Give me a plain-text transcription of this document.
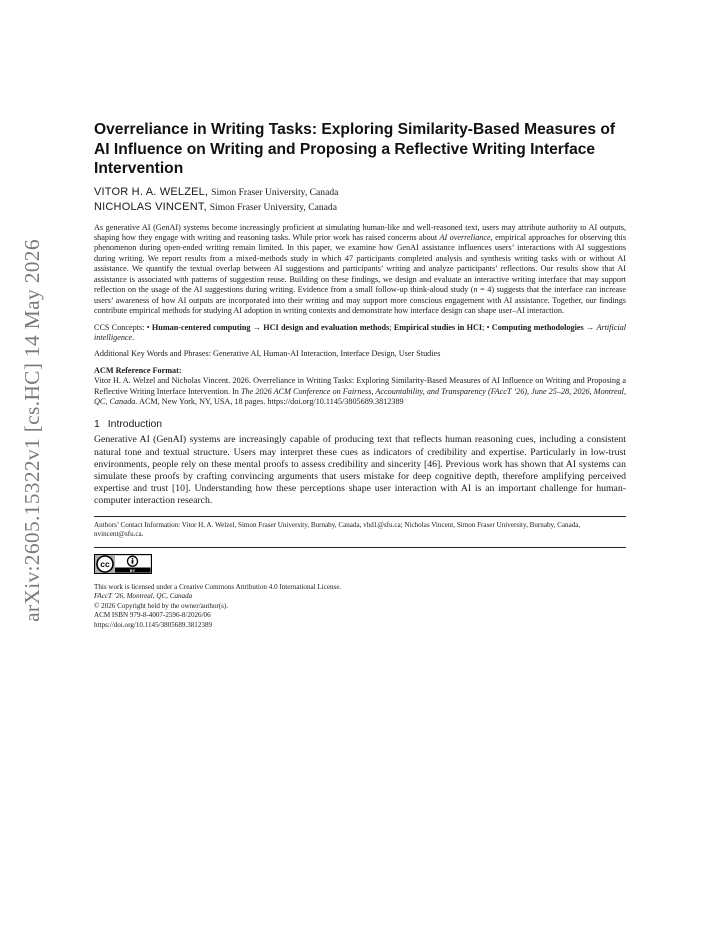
arXiv:2605.15322v1 [cs.HC] 14 May 2026
Overreliance in Writing Tasks: Exploring Similarity-Based Measures of AI Influence on Writing and Proposing a Reflective Writing Interface Intervention
VITOR H. A. WELZEL, Simon Fraser University, Canada
NICHOLAS VINCENT, Simon Fraser University, Canada
As generative AI (GenAI) systems become increasingly proficient at simulating human-like and well-reasoned text, users may attribute authority to AI outputs, shaping how they engage with writing and reasoning tasks. While prior work has raised concerns about AI overreliance, empirical approaches for observing this phenomenon during open-ended writing remain limited. In this paper, we examine how GenAI assistance influences users’ interactions with AI suggestions during writing. We report results from a mixed-methods study in which 47 participants completed analysis and synthesis writing tasks with or without AI assistance. We quantify the textual overlap between AI suggestions and participants’ writing and analyze participants’ reflections. Our results show that AI assistance is associated with patterns of suggestion reuse. Building on these findings, we design and evaluate an interactive writing interface that may support reflection on the usage of the AI suggestions during writing. Evidence from a small follow-up think-aloud study (n = 4) suggests that the interface can increase users’ awareness of how AI outputs are incorporated into their writing and may support more conscious engagement with AI assistance. Together, our findings contribute empirical methods for studying AI adoption in writing contexts and demonstrate how interface design can shape user–AI interaction.
CCS Concepts: • Human-centered computing → HCI design and evaluation methods; Empirical studies in HCI; • Computing methodologies → Artificial intelligence.
Additional Key Words and Phrases: Generative AI, Human-AI Interaction, Interface Design, User Studies
ACM Reference Format:
Vitor H. A. Welzel and Nicholas Vincent. 2026. Overreliance in Writing Tasks: Exploring Similarity-Based Measures of AI Influence on Writing and Proposing a Reflective Writing Interface Intervention. In The 2026 ACM Conference on Fairness, Accountability, and Transparency (FAccT ’26), June 25–28, 2026, Montreal, QC, Canada. ACM, New York, NY, USA, 18 pages. https://doi.org/10.1145/3805689.3812389
1 Introduction
Generative AI (GenAI) systems are increasingly capable of producing text that reflects human reasoning cues, including a consistent natural tone and textual structure. Users may interpret these cues as indicators of credibility and expertise. Particularly in low-trust environments, people rely on these mental proofs to assess credibility and sincerity [46]. Previous work has shown that AI systems can simulate these proofs by crafting convincing arguments that users mistake for deep cognitive depth, therefore amplifying perceived expertise and trust [10]. Understanding how these perceptions shape user interaction with AI is an important challenge for human-computer interaction research.
Authors’ Contact Information: Vitor H. A. Welzel, Simon Fraser University, Burnaby, Canada, vhd1@sfu.ca; Nicholas Vincent, Simon Fraser University, Burnaby, Canada, nvincent@sfu.ca.
cc
BY
This work is licensed under a Creative Commons Attribution 4.0 International License.
FAccT ’26, Montreal, QC, Canada
© 2026 Copyright held by the owner/author(s).
ACM ISBN 979-8-4007-2596-8/2026/06
https://doi.org/10.1145/3805689.3812389
